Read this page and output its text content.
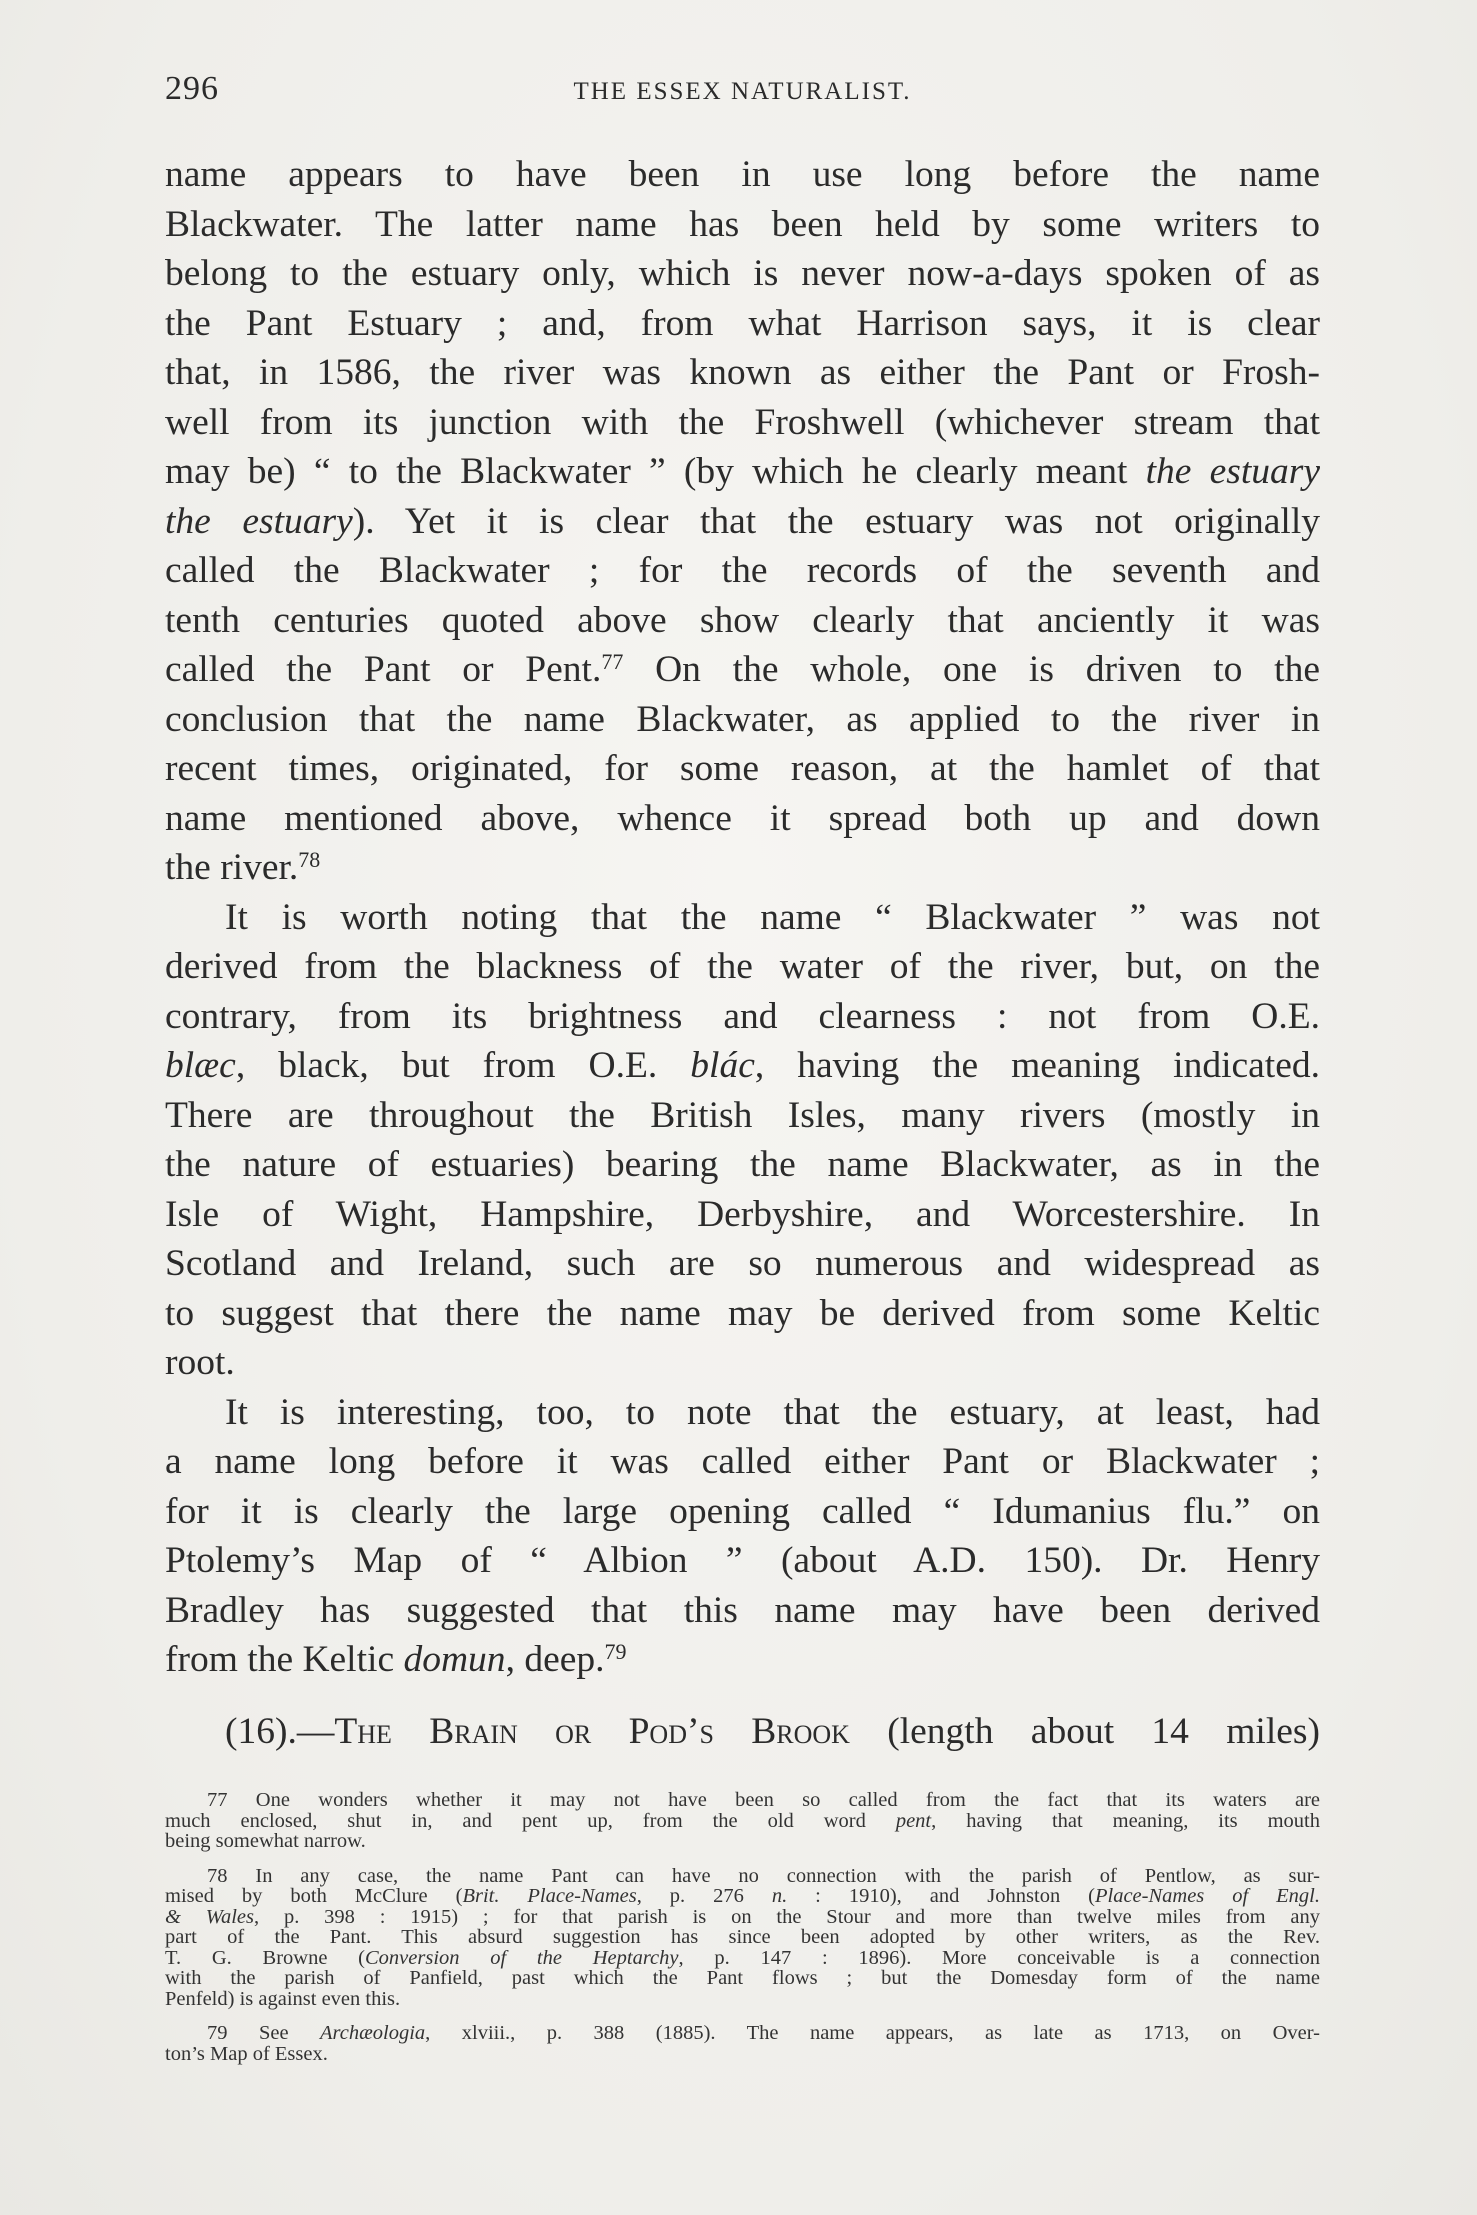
296	THE ESSEX NATURALIST.
name appears to have been in use long before the name
Blackwater. The latter name has been held by some writers to
belong to the estuary only, which is never now-a-days spoken of as
the Pant Estuary ; and, from what Harrison says, it is clear
that, in 1586, the river was known as either the Pant or Frosh-
well from its junction with the Froshwell (whichever stream that
may be) “ to the Blackwater ” (by which he clearly meant the estuary
the estuary). Yet it is clear that the estuary was not originally
called the Blackwater ; for the records of the seventh and
tenth centuries quoted above show clearly that anciently it was
called the Pant or Pent.$^{77}$ On the whole, one is driven to the
conclusion that the name Blackwater, as applied to the river in
recent times, originated, for some reason, at the hamlet of that
name mentioned above, whence it spread both up and down
the river.$^{78}$
It is worth noting that the name “ Blackwater ” was not
derived from the blackness of the water of the river, but, on the
contrary, from its brightness and clearness : not from O.E.
blæc, black, but from O.E. blác, having the meaning indicated.
There are throughout the British Isles, many rivers (mostly in
the nature of estuaries) bearing the name Blackwater, as in the
Isle of Wight, Hampshire, Derbyshire, and Worcestershire. In
Scotland and Ireland, such are so numerous and widespread as
to suggest that there the name may be derived from some Keltic
root.
It is interesting, too, to note that the estuary, at least, had
a name long before it was called either Pant or Blackwater ;
for it is clearly the large opening called “ Idumanius flu.” on
Ptolemy’s Map of “ Albion ” (about A.D. 150). Dr. Henry
Bradley has suggested that this name may have been derived
from the Keltic domun, deep.$^{79}$
(16).—The Brain or Pod’s Brook (length about 14 miles)
77 One wonders whether it may not have been so called from the fact that its waters are
much enclosed, shut in, and pent up, from the old word pent, having that meaning, its mouth
being somewhat narrow.
78 In any case, the name Pant can have no connection with the parish of Pentlow, as sur-
mised by both McClure (Brit. Place-Names, p. 276 n. : 1910), and Johnston (Place-Names of Engl.
& Wales, p. 398 : 1915) ; for that parish is on the Stour and more than twelve miles from any
part of the Pant. This absurd suggestion has since been adopted by other writers, as the Rev.
T. G. Browne (Conversion of the Heptarchy, p. 147 : 1896). More conceivable is a connection
with the parish of Panfield, past which the Pant flows ; but the Domesday form of the name
Penfeld) is against even this.
79 See Archæologia, xlviii., p. 388 (1885). The name appears, as late as 1713, on Over-
ton’s Map of Essex.
